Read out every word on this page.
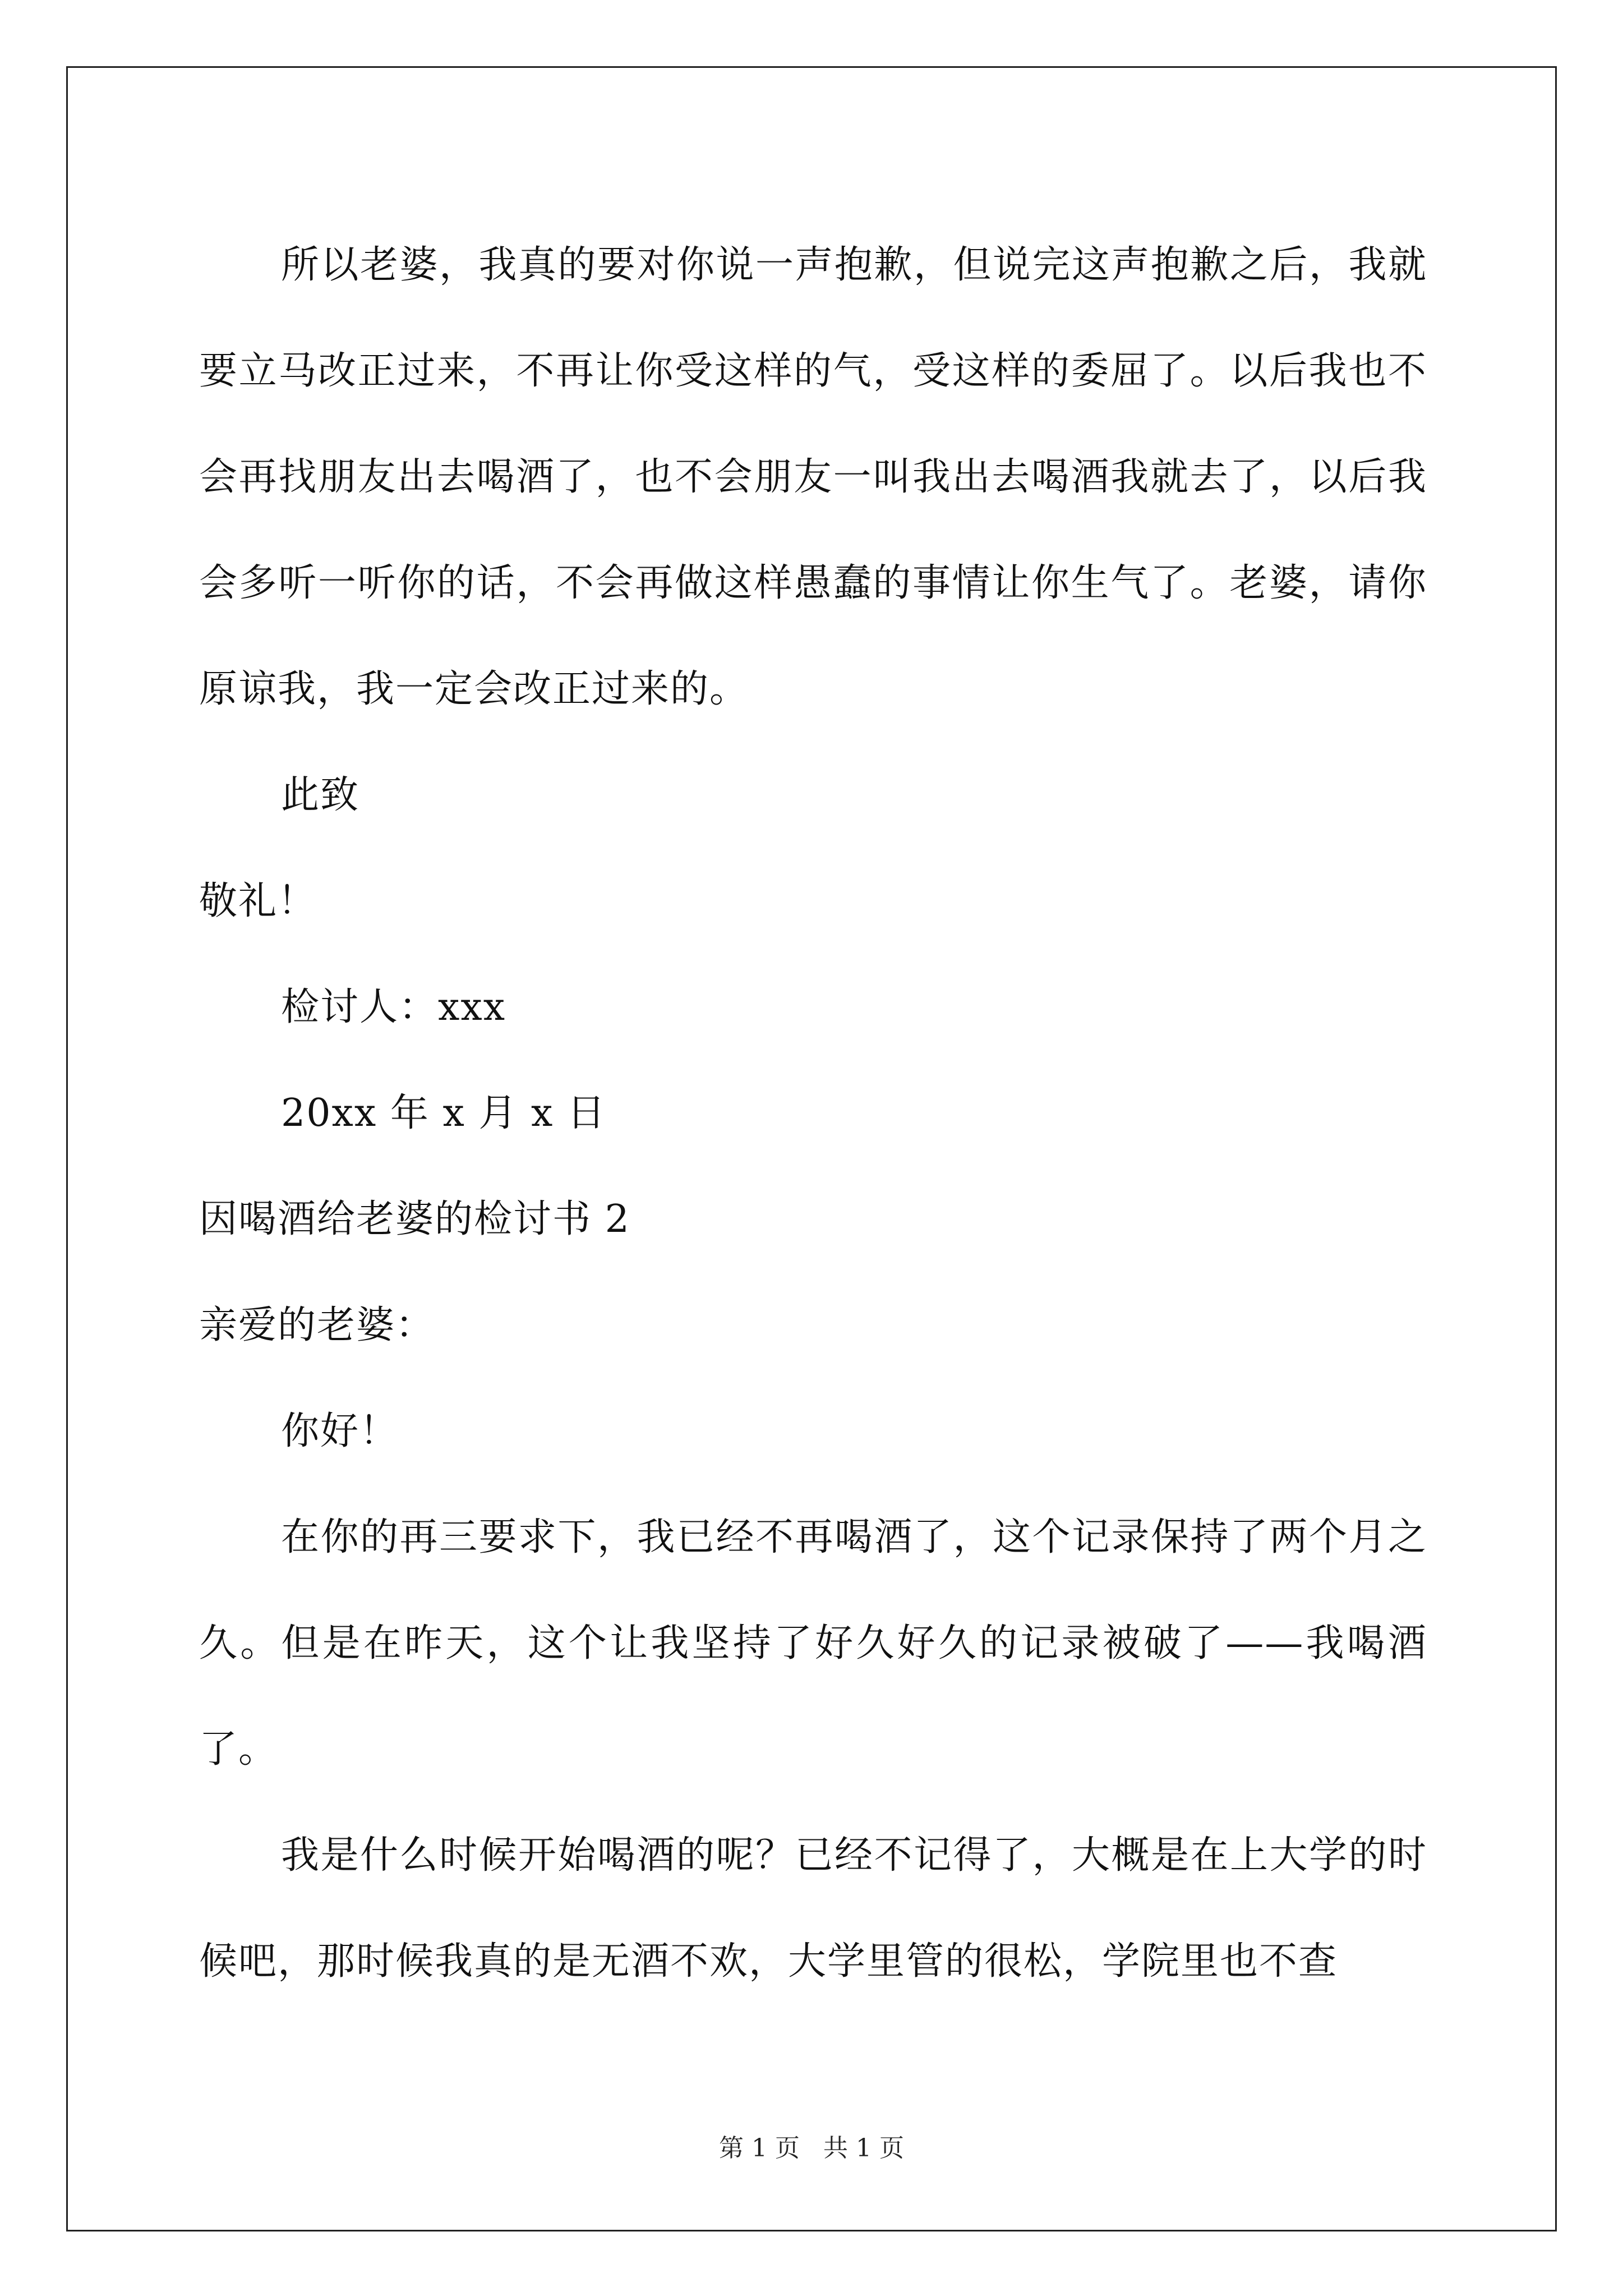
所以老婆，我真的要对你说一声抱歉，但说完这声抱歉之后，我就要立马改正过来，不再让你受这样的气，受这样的委屈了。以后我也不会再找朋友出去喝酒了，也不会朋友一叫我出去喝酒我就去了，以后我会多听一听你的话，不会再做这样愚蠢的事情让你生气了。老婆，请你原谅我，我一定会改正过来的。

此致

敬礼！

检讨人：xxx

20xx 年 x 月 x 日

因喝酒给老婆的检讨书 2

亲爱的老婆：

你好！

在你的再三要求下，我已经不再喝酒了，这个记录保持了两个月之久。但是在昨天，这个让我坚持了好久好久的记录被破了——我喝酒了。

我是什么时候开始喝酒的呢？已经不记得了，大概是在上大学的时候吧，那时候我真的是无酒不欢，大学里管的很松，学院里也不查

第 1 页   共 1 页
